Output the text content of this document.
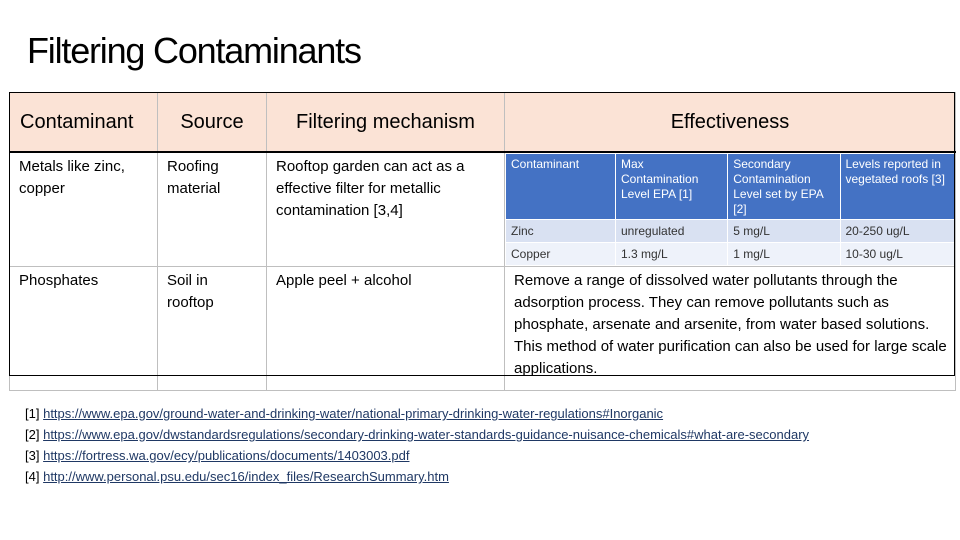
Filtering Contaminants
Contaminant	Source	Filtering mechanism	Effectiveness
Metals like zinc, copper	Roofing material	Rooftop garden can act as a effective filter for metallic contamination [3,4]	
Contaminant	Max Contamination Level EPA [1]	Secondary Contamination Level set by EPA [2]	Levels reported in vegetated roofs [3]
Zinc	unregulated	5 mg/L	20-250 ug/L
Copper	1.3 mg/L	1 mg/L	10-30 ug/L

Phosphates	Soil in rooftop	Apple peel + alcohol	Remove a range of dissolved water pollutants through the adsorption process. They can remove pollutants such as phosphate, arsenate and arsenite, from water based solutions. This method of water purification can also be used for large scale applications.
[1] https://www.epa.gov/ground-water-and-drinking-water/national-primary-drinking-water-regulations#Inorganic
[2] https://www.epa.gov/dwstandardsregulations/secondary-drinking-water-standards-guidance-nuisance-chemicals#what-are-secondary
[3] https://fortress.wa.gov/ecy/publications/documents/1403003.pdf
[4] http://www.personal.psu.edu/sec16/index_files/ResearchSummary.htm
